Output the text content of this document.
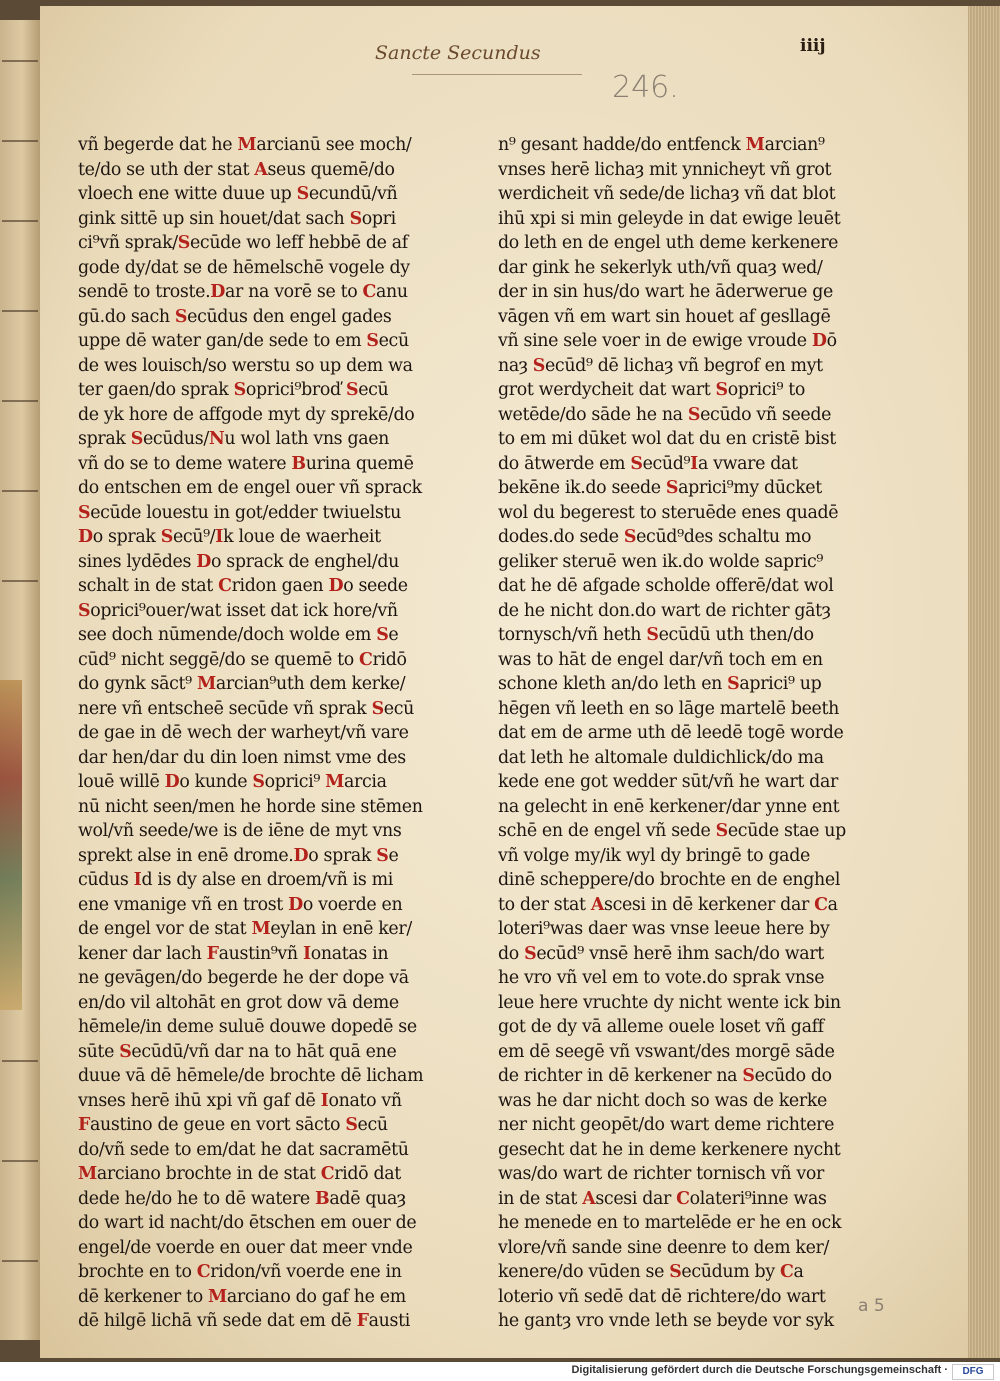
Sancte Secundus	iiij
246.
a 5
vñ begerde dat he Marcianū see moch/
te/do se uth der stat Aseus quemē/do
vloech ene witte duue up Secundū/vñ
gink sittē up sin houet/dat sach Sopri
ci⁹vñ sprak/Secūde wo leff hebbē de af
gode dy/dat se de hēmelschē vogele dy
sendē to troste.Dar na vorē se to Canu
gū.do sach Secūdus den engel gades
uppe dē water gan/de sede to em Secū
de wes louisch/so werstu so up dem wa
ter gaen/do sprak Soprici⁹broď Secū
de yk hore de affgode myt dy sprekē/do
sprak Secūdus/Nu wol lath vns gaen
vñ do se to deme watere Burina quemē
do entschen em de engel ouer vñ sprack
Secūde louestu in got/edder twiuelstu
Do sprak Secū⁹/Ik loue de waerheit
sines lydēdes Do sprack de enghel/du
schalt in de stat Cridon gaen Do seede
Soprici⁹ouer/wat isset dat ick hore/vñ
see doch nūmende/doch wolde em Se
cūd⁹ nicht seggē/do se quemē to Cridō
do gynk sāct⁹ Marcian⁹uth dem kerke/
nere vñ entscheē secūde vñ sprak Secū
de gae in dē wech der warheyt/vñ vare
dar hen/dar du din loen nimst vme des
louē willē Do kunde Soprici⁹ Marcia
nū nicht seen/men he horde sine stēmen
wol/vñ seede/we is de iēne de myt vns
sprekt alse in enē drome.Do sprak Se
cūdus Id is dy alse en droem/vñ is mi
ene vmanige vñ en trost Do voerde en
de engel vor de stat Meylan in enē ker/
kener dar lach Faustin⁹vñ Ionatas in
ne gevāgen/do begerde he der dope vā
en/do vil altohāt en grot dow vā deme
hēmele/in deme suluē douwe dopedē se
sūte Secūdū/vñ dar na to hāt quā ene
duue vā dē hēmele/de brochte dē licham
vnses herē ihū xpi vñ gaf dē Ionato vñ
Faustino de geue en vort sācto Secū
do/vñ sede to em/dat he dat sacramētū
Marciano brochte in de stat Cridō dat
dede he/do he to dē watere Badē quaȝ
do wart id nacht/do ētschen em ouer de
engel/de voerde en ouer dat meer vnde
brochte en to Cridon/vñ voerde ene in
dē kerkener to Marciano do gaf he em
dē hilgē lichā vñ sede dat em dē Fausti
n⁹ gesant hadde/do entfenck Marcian⁹
vnses herē lichaȝ mit ynnicheyt vñ grot
werdicheit vñ sede/de lichaȝ vñ dat blot
ihū xpi si min geleyde in dat ewige leuēt
do leth en de engel uth deme kerkenere
dar gink he sekerlyk uth/vñ quaȝ wed/
der in sin hus/do wart he āderwerue ge
vāgen vñ em wart sin houet af gesllagē
vñ sine sele voer in de ewige vroude Dō
naȝ Secūd⁹ dē lichaȝ vñ begrof en myt
grot werdycheit dat wart Soprici⁹ to
wetēde/do sāde he na Secūdo vñ seede
to em mi dūket wol dat du en cristē bist
do ātwerde em Secūd⁹Ia vware dat
bekēne ik.do seede Saprici⁹my dūcket
wol du begerest to steruēde enes quadē
dodes.do sede Secūd⁹des schaltu mo
geliker steruē wen ik.do wolde sapric⁹
dat he dē afgade scholde offerē/dat wol
de he nicht don.do wart de richter gātȝ
tornysch/vñ heth Secūdū uth then/do
was to hāt de engel dar/vñ toch em en
schone kleth an/do leth en Saprici⁹ up
hēgen vñ leeth en so lāge martelē beeth
dat em de arme uth dē leedē togē worde
dat leth he altomale duldichlick/do ma
kede ene got wedder sūt/vñ he wart dar
na gelecht in enē kerkener/dar ynne ent
schē en de engel vñ sede Secūde stae up
vñ volge my/ik wyl dy bringē to gade
dinē scheppere/do brochte en de enghel
to der stat Ascesi in dē kerkener dar Ca
loteri⁹was daer was vnse leeue here by
do Secūd⁹ vnsē herē ihm sach/do wart
he vro vñ vel em to vote.do sprak vnse
leue here vruchte dy nicht wente ick bin
got de dy vā alleme ouele loset vñ gaff
em dē seegē vñ vswant/des morgē sāde
de richter in dē kerkener na Secūdo do
was he dar nicht doch so was de kerke
ner nicht geopēt/do wart deme richtere
gesecht dat he in deme kerkenere nycht
was/do wart de richter tornisch vñ vor
in de stat Ascesi dar Colateri⁹inne was
he menede en to martelēde er he en ock
vlore/vñ sande sine deenre to dem ker/
kenere/do vūden se Secūdum by Ca
loterio vñ sedē dat dē richtere/do wart
he gantȝ vro vnde leth se beyde vor syk
Digitalisierung gefördert durch die Deutsche Forschungsgemeinschaft ·	DFG
